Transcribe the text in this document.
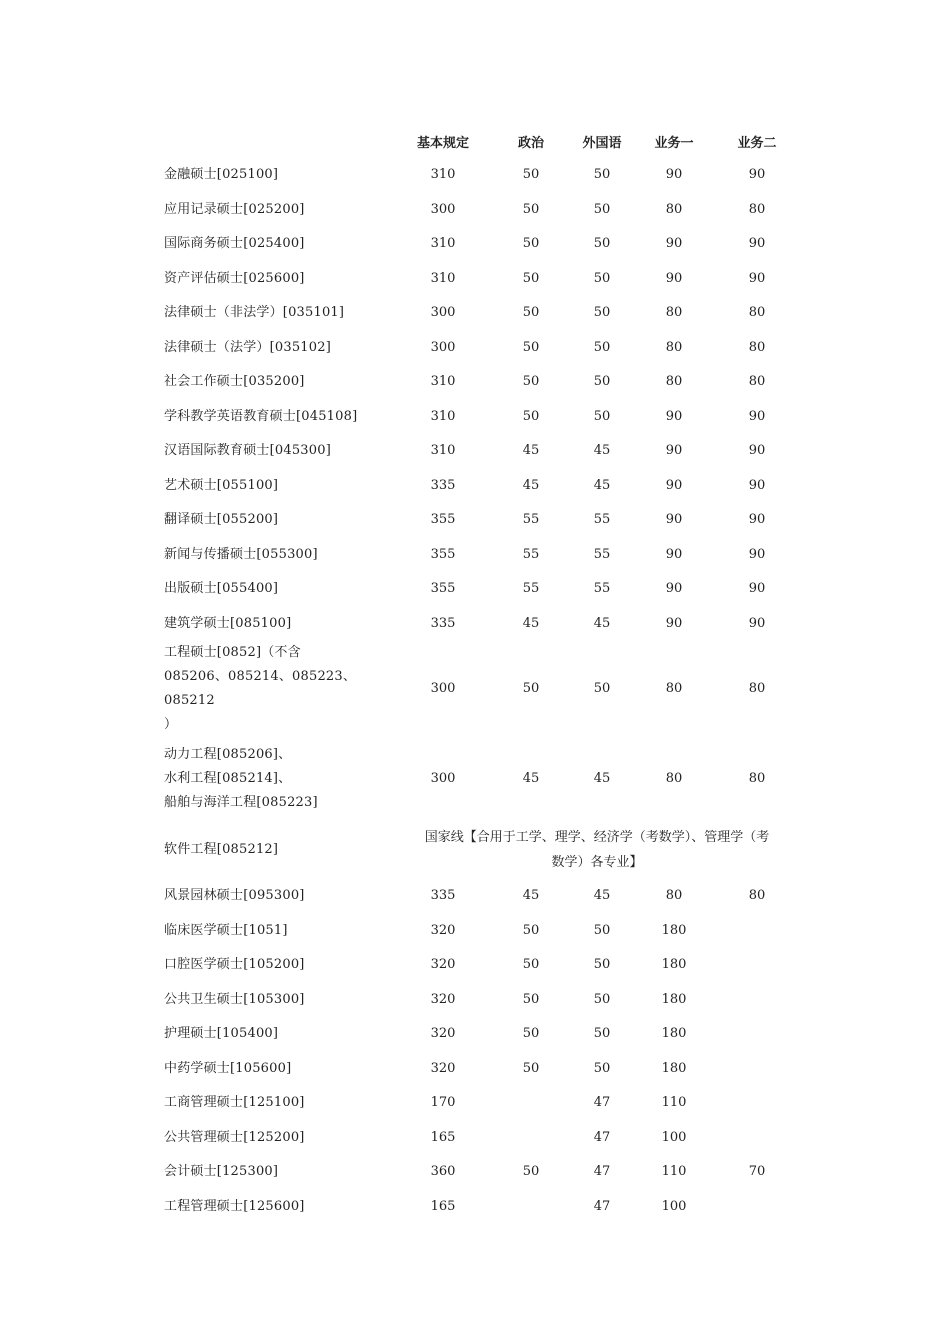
	基本规定	政治	外国语	业务一	业务二
金融硕士[025100]	310	50	50	90	90
应用记录硕士[025200]	300	50	50	80	80
国际商务硕士[025400]	310	50	50	90	90
资产评估硕士[025600]	310	50	50	90	90
法律硕士（非法学）[035101]	300	50	50	80	80
法律硕士（法学）[035102]	300	50	50	80	80
社会工作硕士[035200]	310	50	50	80	80
学科教学英语教育硕士[045108]	310	50	50	90	90
汉语国际教育硕士[045300]	310	45	45	90	90
艺术硕士[055100]	335	45	45	90	90
翻译硕士[055200]	355	55	55	90	90
新闻与传播硕士[055300]	355	55	55	90	90
出版硕士[055400]	355	55	55	90	90
建筑学硕士[085100]	335	45	45	90	90

工程硕士[0852]（不含
085206、085214、085223、085212
）	300	50	50	80	80

动力工程[085206]、
水利工程[085214]、
船舶与海洋工程[085223]	300	45	45	80	80
软件工程[085212]	国家线【合用于工学、理学、经济学（考数学）、管理学（考
数学）各专业】				

风景园林硕士[095300]	335	45	45	80	80
临床医学硕士[1051]	320	50	50	180	
口腔医学硕士[105200]	320	50	50	180	
公共卫生硕士[105300]	320	50	50	180	
护理硕士[105400]	320	50	50	180	
中药学硕士[105600]	320	50	50	180	
工商管理硕士[125100]	170		47	110	
公共管理硕士[125200]	165		47	100	
会计硕士[125300]	360	50	47	110	70
工程管理硕士[125600]	165		47	100	
